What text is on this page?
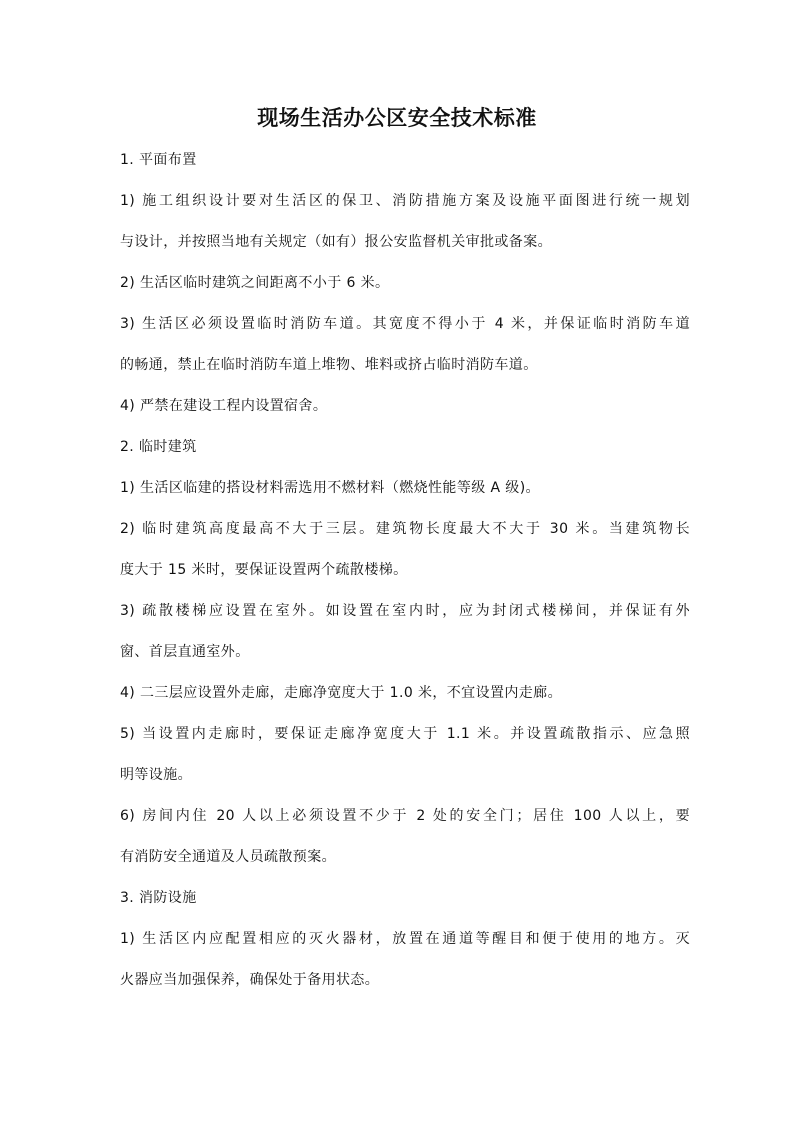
现场生活办公区安全技术标准
1. 平面布置
1) 施工组织设计要对生活区的保卫、消防措施方案及设施平面图进行统一规划
与设计，并按照当地有关规定（如有）报公安监督机关审批或备案。
2) 生活区临时建筑之间距离不小于 6 米。
3) 生活区必须设置临时消防车道。其宽度不得小于 4 米，并保证临时消防车道
的畅通，禁止在临时消防车道上堆物、堆料或挤占临时消防车道。
4) 严禁在建设工程内设置宿舍。
2. 临时建筑
1) 生活区临建的搭设材料需选用不燃材料（燃烧性能等级 A 级)。
2) 临时建筑高度最高不大于三层。建筑物长度最大不大于 30 米。当建筑物长
度大于 15 米时，要保证设置两个疏散楼梯。
3) 疏散楼梯应设置在室外。如设置在室内时，应为封闭式楼梯间，并保证有外
窗、首层直通室外。
4) 二三层应设置外走廊，走廊净宽度大于 1.0 米，不宜设置内走廊。
5) 当设置内走廊时，要保证走廊净宽度大于 1.1 米。并设置疏散指示、应急照
明等设施。
6) 房间内住 20 人以上必须设置不少于 2 处的安全门；居住 100 人以上，要
有消防安全通道及人员疏散预案。
3. 消防设施
1) 生活区内应配置相应的灭火器材，放置在通道等醒目和便于使用的地方。灭
火器应当加强保养，确保处于备用状态。
